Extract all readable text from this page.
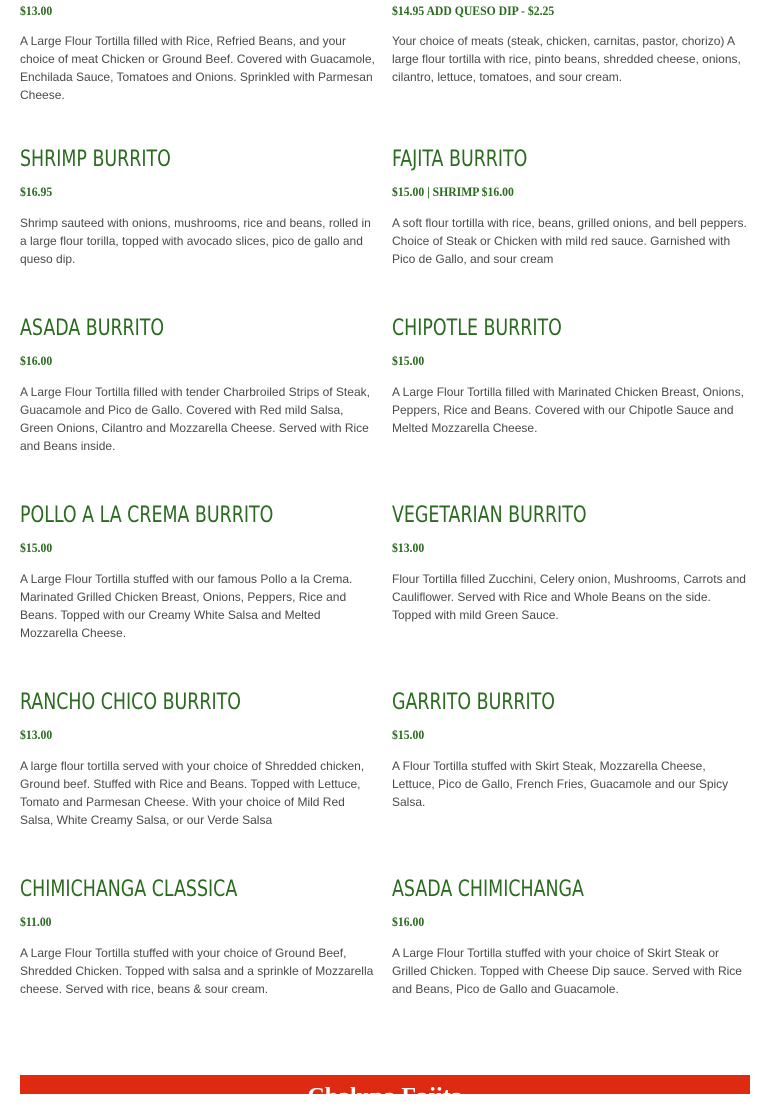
$13.00

A Large Flour Tortilla filled with Rice, Refried Beans, and your choice of meat Chicken or Ground Beef. Covered with Guacamole, Enchilada Sauce, Tomatoes and Onions. Sprinkled with Parmesan Cheese.

$14.95 ADD QUESO DIP - $2.25

Your choice of meats (steak, chicken, carnitas, pastor, chorizo) A large flour tortilla with rice, pinto beans, shredded cheese, onions, cilantro, lettuce, tomatoes, and sour cream.

SHRIMP BURRITO
$16.95

Shrimp sauteed with onions, mushrooms, rice and beans, rolled in a large flour torilla, topped with avocado slices, pico de gallo and queso dip.

FAJITA BURRITO
$15.00 | SHRIMP $16.00

A soft flour tortilla with rice, beans, grilled onions, and bell peppers. Choice of Steak or Chicken with mild red sauce. Garnished with Pico de Gallo, and sour cream

ASADA BURRITO
$16.00

A Large Flour Tortilla filled with tender Charbroiled Strips of Steak, Guacamole and Pico de Gallo. Covered with Red mild Salsa, Green Onions, Cilantro and Mozzarella Cheese. Served with Rice and Beans inside.

CHIPOTLE BURRITO
$15.00

A Large Flour Tortilla filled with Marinated Chicken Breast, Onions, Peppers, Rice and Beans. Covered with our Chipotle Sauce and Melted Mozzarella Cheese.

POLLO A LA CREMA BURRITO
$15.00

A Large Flour Tortilla stuffed with our famous Pollo a la Crema. Marinated Grilled Chicken Breast, Onions, Peppers, Rice and Beans. Topped with our Creamy White Salsa and Melted Mozzarella Cheese.

VEGETARIAN BURRITO
$13.00

Flour Tortilla filled Zucchini, Celery onion, Mushrooms, Carrots and Cauliflower. Served with Rice and Whole Beans on the side. Topped with mild Green Sauce.

RANCHO CHICO BURRITO
$13.00

A large flour tortilla served with your choice of Shredded chicken, Ground beef. Stuffed with Rice and Beans. Topped with Lettuce, Tomato and Parmesan Cheese. With your choice of Mild Red Salsa, White Creamy Salsa, or our Verde Salsa

GARRITO BURRITO
$15.00

A Flour Tortilla stuffed with Skirt Steak, Mozzarella Cheese, Lettuce, Pico de Gallo, French Fries, Guacamole and our Spicy Salsa.

CHIMICHANGA CLASSICA
$11.00

A Large Flour Tortilla stuffed with your choice of Ground Beef, Shredded Chicken. Topped with salsa and a sprinkle of Mozzarella cheese. Served with rice, beans & sour cream.

ASADA CHIMICHANGA
$16.00

A Large Flour Tortilla stuffed with your choice of Skirt Steak or Grilled Chicken. Topped with Cheese Dip sauce. Served with Rice and Beans, Pico de Gallo and Guacamole.

Chalupa Fajita
